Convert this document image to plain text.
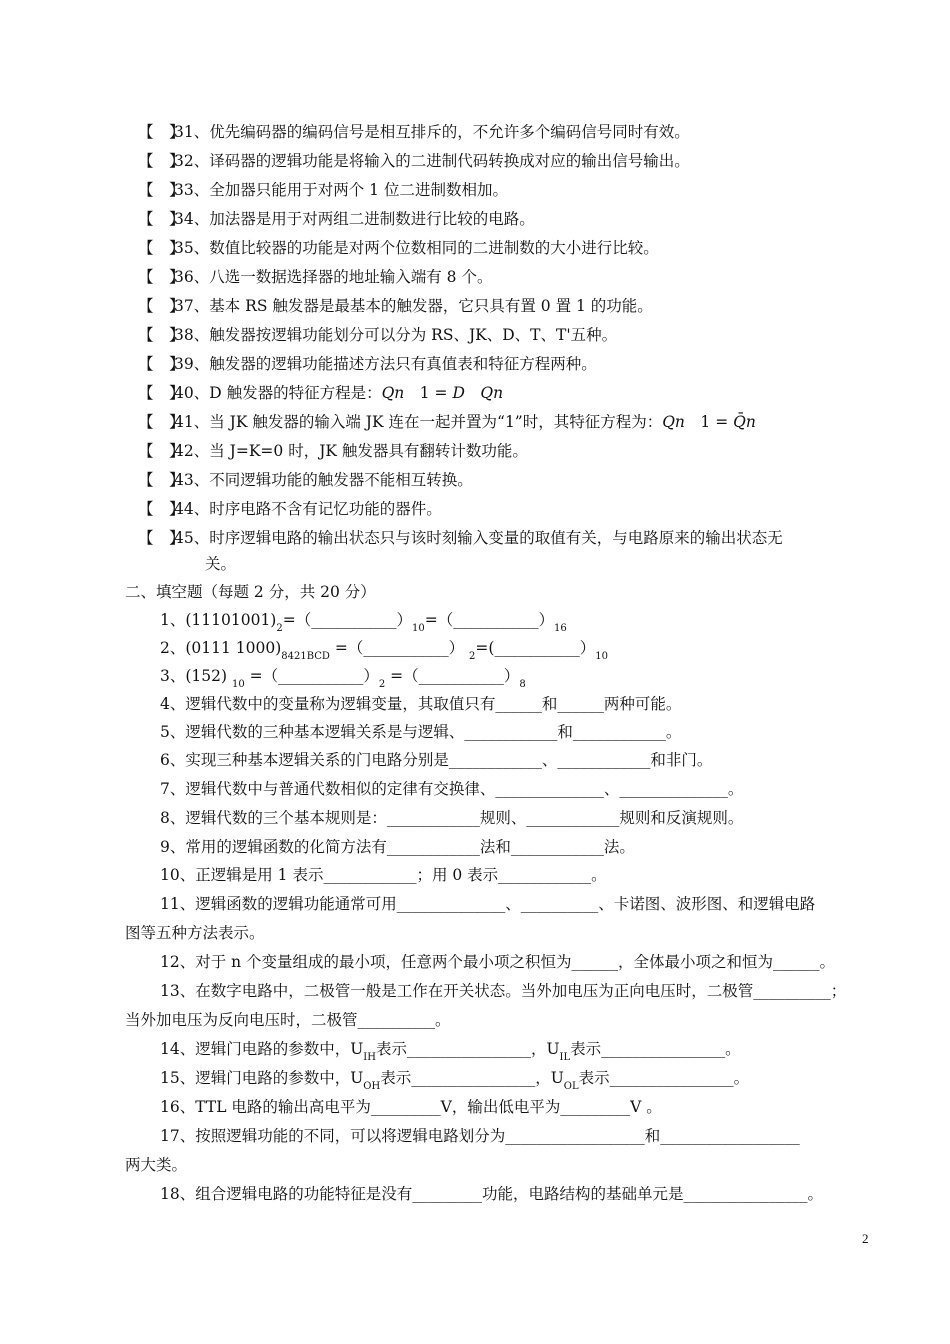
【　】31、优先编码器的编码信号是相互排斥的，不允许多个编码信号同时有效。
【　】32、译码器的逻辑功能是将输入的二进制代码转换成对应的输出信号输出。
【　】33、全加器只能用于对两个 1 位二进制数相加。
【　】34、加法器是用于对两组二进制数进行比较的电路。
【　】35、数值比较器的功能是对两个位数相同的二进制数的大小进行比较。
【　】36、八选一数据选择器的地址输入端有 8 个。
【　】37、基本 RS 触发器是最基本的触发器，它只具有置 0 置 1 的功能。
【　】38、触发器按逻辑功能划分可以分为 RS、JK、D、T、T'五种。
【　】39、触发器的逻辑功能描述方法只有真值表和特征方程两种。
【　】40、D 触发器的特征方程是：𝑄𝑛　1 = 𝐷　𝑄𝑛
【　】41、当 JK 触发器的输入端 JK 连在一起并置为“1”时，其特征方程为：𝑄𝑛　1 = 𝑄̄𝑛
【　】42、当 J=K=0 时，JK 触发器具有翻转计数功能。
【　】43、不同逻辑功能的触发器不能相互转换。
【　】44、时序电路不含有记忆功能的器件。
【　】45、时序逻辑电路的输出状态只与该时刻输入变量的取值有关，与电路原来的输出状态无
关。
二、填空题（每题 2 分，共 20 分）
1、$(11101001)_2=(\_\_\_\_\_\_\_\_\_\_\_)_{10}=(\_\_\_\_\_\_\_\_\_\_\_)_{16}$
2、(0111 $1000)_{8421BCD}$ =（___________） $_2=(\_\_\_\_\_\_\_\_\_\_\_)_{10}$
3、(152) $_{10} =(\_\_\_\_\_\_\_\_\_\_\_)_2$ $=(\_\_\_\_\_\_\_\_\_\_\_)_8$
4、逻辑代数中的变量称为逻辑变量，其取值只有______和______两种可能。
5、逻辑代数的三种基本逻辑关系是与逻辑、____________和____________。
6、实现三种基本逻辑关系的门电路分别是____________、____________和非门。
7、逻辑代数中与普通代数相似的定律有交换律、______________、______________。
8、逻辑代数的三个基本规则是：____________规则、____________规则和反演规则。
9、常用的逻辑函数的化简方法有____________法和____________法。
10、正逻辑是用 1 表示____________；用 0 表示____________。
11、逻辑函数的逻辑功能通常可用______________、__________、卡诺图、波形图、和逻辑电路
图等五种方法表示。
12、对于 n 个变量组成的最小项，任意两个最小项之积恒为______，全体最小项之和恒为______。
13、在数字电路中，二极管一般是工作在开关状态。当外加电压为正向电压时，二极管__________；
当外加电压为反向电压时，二极管__________。
14、逻辑门电路的参数中，$U_{IH}$表示________________，$U_{IL}$表示________________。
15、逻辑门电路的参数中，$U_{OH}$表示________________，$U_{OL}$表示________________。
16、TTL 电路的输出高电平为_________V，输出低电平为_________V 。
17、按照逻辑功能的不同，可以将逻辑电路划分为__________________和__________________
两大类。
18、组合逻辑电路的功能特征是没有_________功能，电路结构的基础单元是________________。
2
